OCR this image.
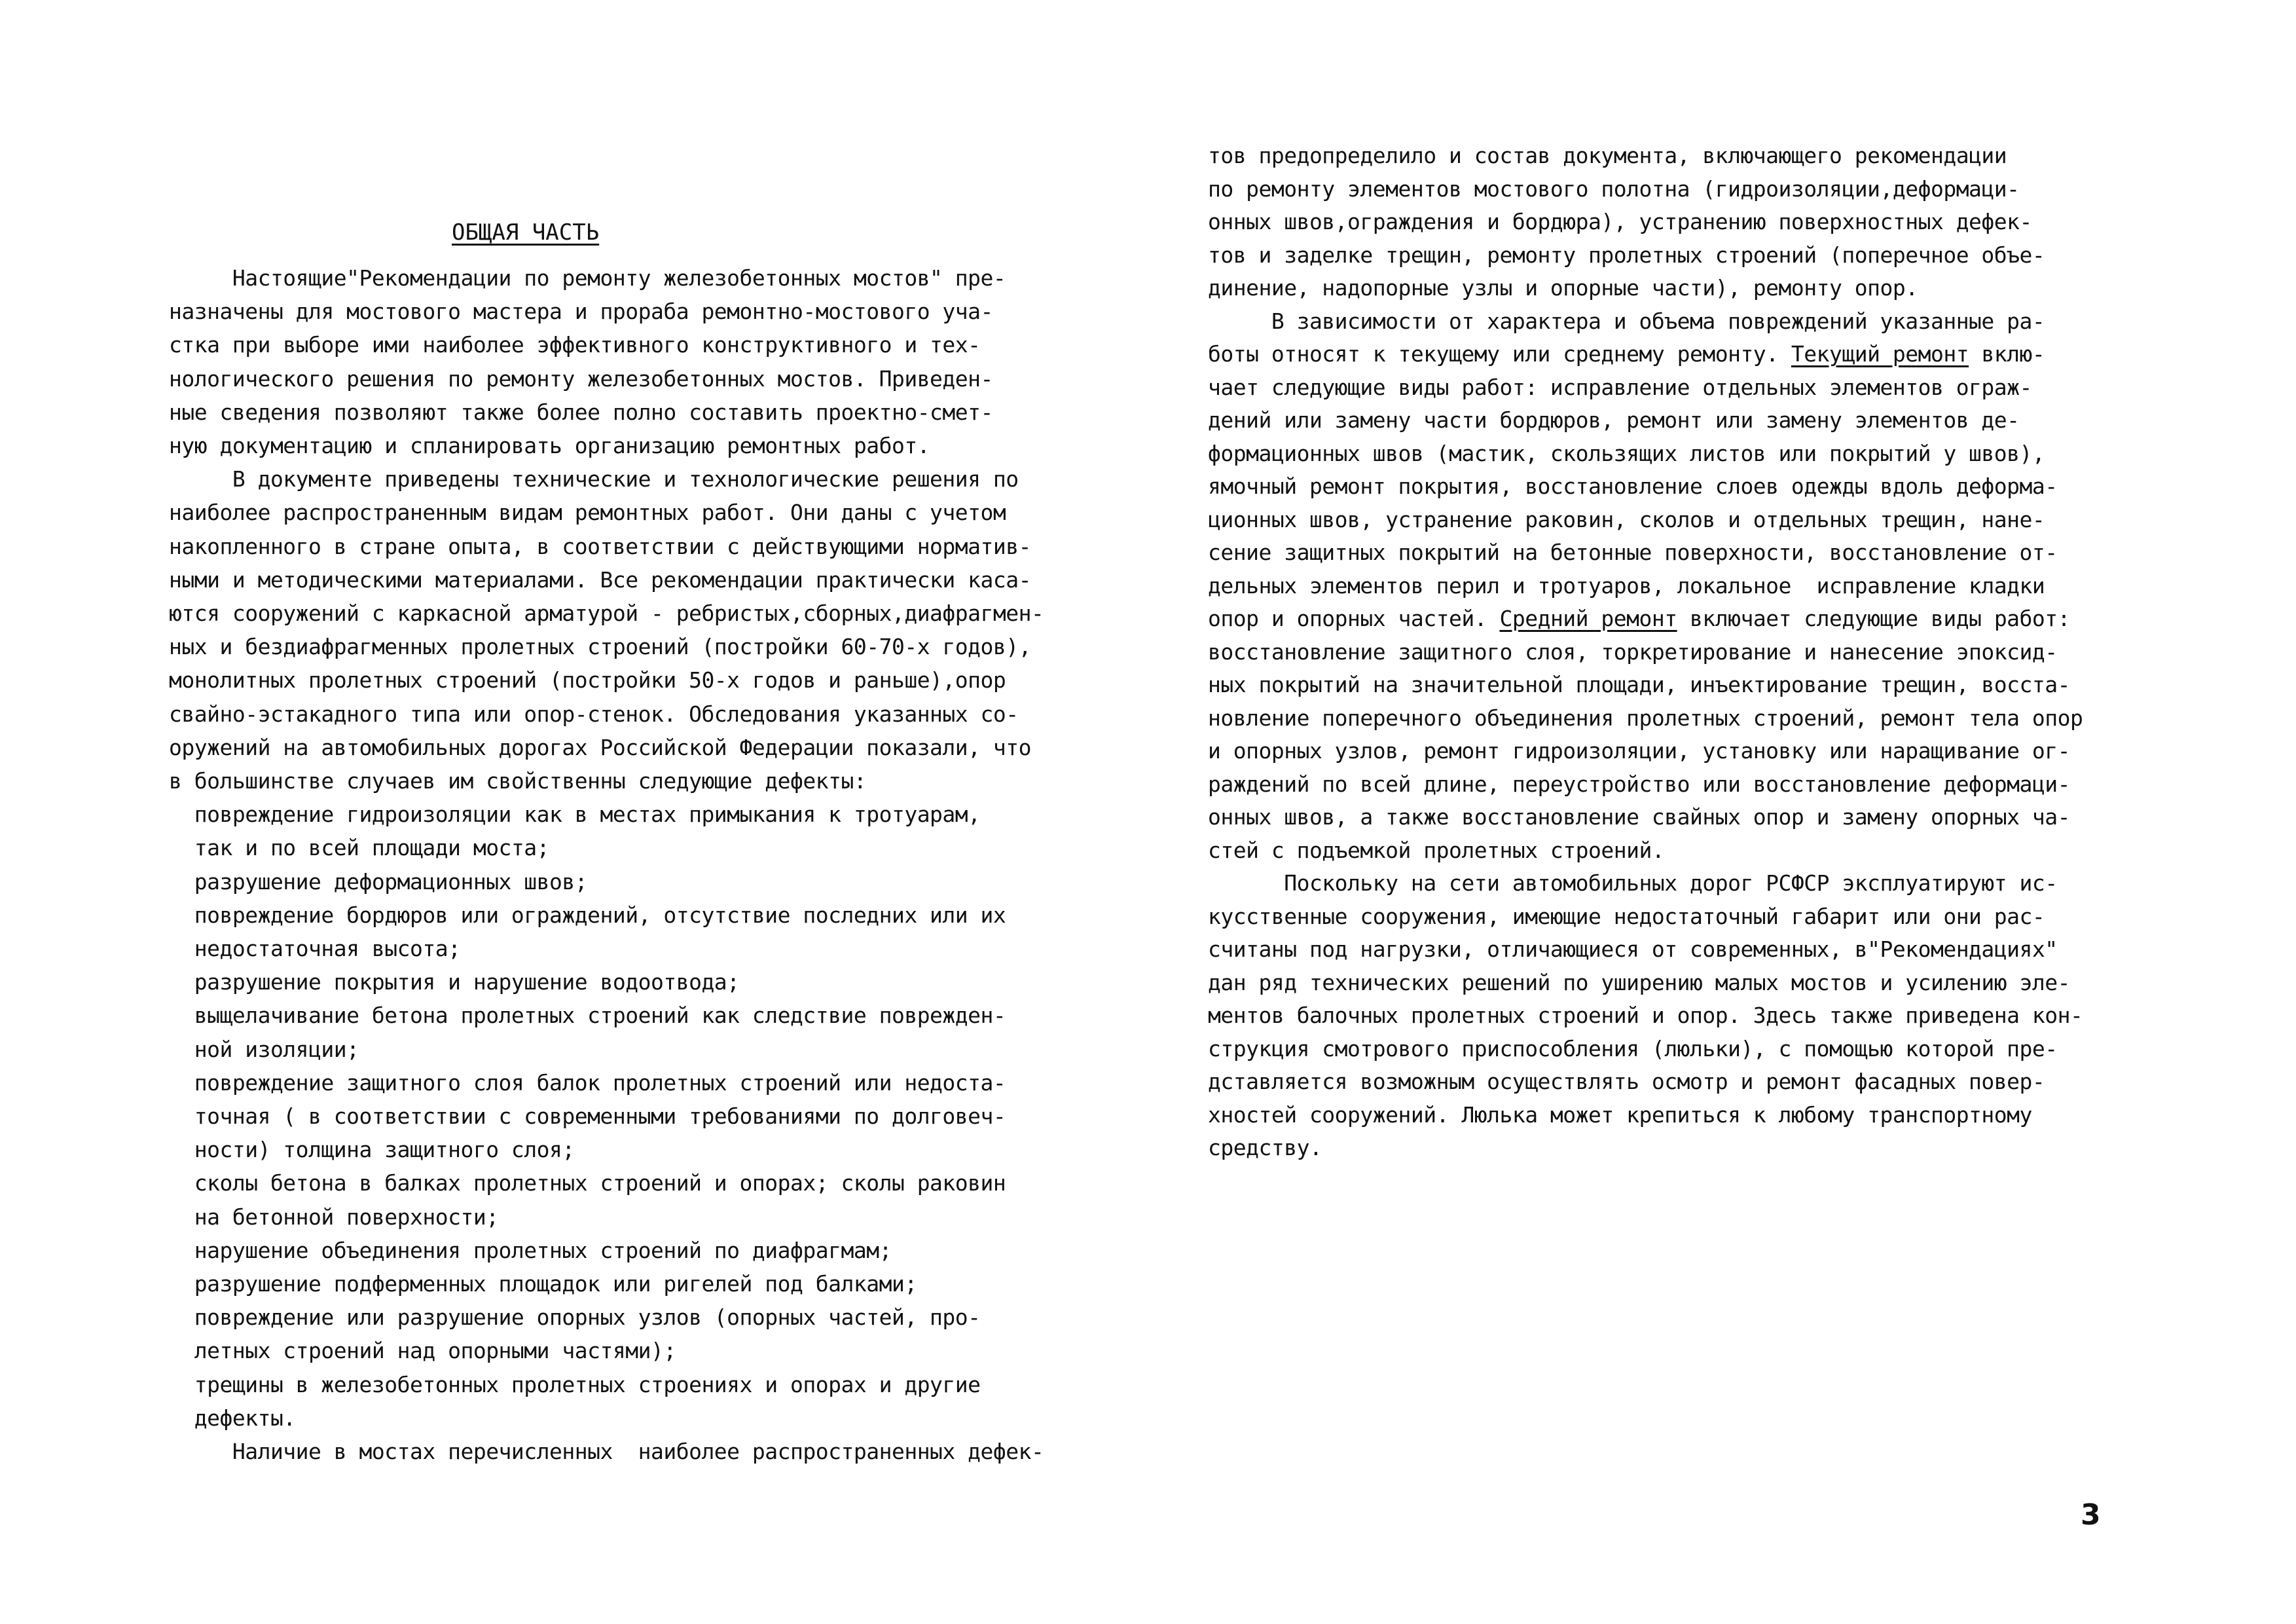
ОБЩАЯ ЧАСТЬ
Настоящие"Рекомендации по ремонту железобетонных мостов" пре-
назначены для мостового мастера и прораба ремонтно-мостового уча-
стка при выборе ими наиболее эффективного конструктивного и тех-
нологического решения по ремонту железобетонных мостов. Приведен-
ные сведения позволяют также более полно составить проектно-смет-
ную документацию и спланировать организацию ремонтных работ.
В документе приведены технические и технологические решения по
наиболее распространенным видам ремонтных работ. Они даны с учетом
накопленного в стране опыта, в соответствии с действующими норматив-
ными и методическими материалами. Все рекомендации практически каса-
ются сооружений с каркасной арматурой - ребристых,сборных,диафрагмен-
ных и бездиафрагменных пролетных строений (постройки 60-70-х годов),
монолитных пролетных строений (постройки 50-х годов и раньше),опор
свайно-эстакадного типа или опор-стенок. Обследования указанных со-
оружений на автомобильных дорогах Российской Федерации показали, что
в большинстве случаев им свойственны следующие дефекты:
повреждение гидроизоляции как в местах примыкания к тротуарам,
так и по всей площади моста;
разрушение деформационных швов;
повреждение бордюров или ограждений, отсутствие последних или их
недостаточная высота;
разрушение покрытия и нарушение водоотвода;
выщелачивание бетона пролетных строений как следствие поврежден-
ной изоляции;
повреждение защитного слоя балок пролетных строений или недоста-
точная ( в соответствии с современными требованиями по долговеч-
ности) толщина защитного слоя;
сколы бетона в балках пролетных строений и опорах; сколы раковин
на бетонной поверхности;
нарушение объединения пролетных строений по диафрагмам;
разрушение подферменных площадок или ригелей под балками;
повреждение или разрушение опорных узлов (опорных частей, про-
летных строений над опорными частями);
трещины в железобетонных пролетных строениях и опорах и другие
дефекты.
Наличие в мостах перечисленных  наиболее распространенных дефек-
тов предопределило и состав документа, включающего рекомендации
по ремонту элементов мостового полотна (гидроизоляции,деформаци-
онных швов,ограждения и бордюра), устранению поверхностных дефек-
тов и заделке трещин, ремонту пролетных строений (поперечное объе-
динение, надопорные узлы и опорные части), ремонту опор.
В зависимости от характера и объема повреждений указанные ра-
боты относят к текущему или среднему ремонту. Текущий ремонт вклю-
чает следующие виды работ: исправление отдельных элементов ограж-
дений или замену части бордюров, ремонт или замену элементов де-
формационных швов (мастик, скользящих листов или покрытий у швов),
ямочный ремонт покрытия, восстановление слоев одежды вдоль деформа-
ционных швов, устранение раковин, сколов и отдельных трещин, нане-
сение защитных покрытий на бетонные поверхности, восстановление от-
дельных элементов перил и тротуаров, локальное  исправление кладки
опор и опорных частей. Средний ремонт включает следующие виды работ:
восстановление защитного слоя, торкретирование и нанесение эпоксид-
ных покрытий на значительной площади, инъектирование трещин, восста-
новление поперечного объединения пролетных строений, ремонт тела опор
и опорных узлов, ремонт гидроизоляции, установку или наращивание ог-
раждений по всей длине, переустройство или восстановление деформаци-
онных швов, а также восстановление свайных опор и замену опорных ча-
стей с подъемкой пролетных строений.
Поскольку на сети автомобильных дорог РСФСР эксплуатируют ис-
кусственные сооружения, имеющие недостаточный габарит или они рас-
считаны под нагрузки, отличающиеся от современных, в"Рекомендациях"
дан ряд технических решений по уширению малых мостов и усилению эле-
ментов балочных пролетных строений и опор. Здесь также приведена кон-
струкция смотрового приспособления (люльки), с помощью которой пре-
дставляется возможным осуществлять осмотр и ремонт фасадных повер-
хностей сооружений. Люлька может крепиться к любому транспортному
средству.
3
